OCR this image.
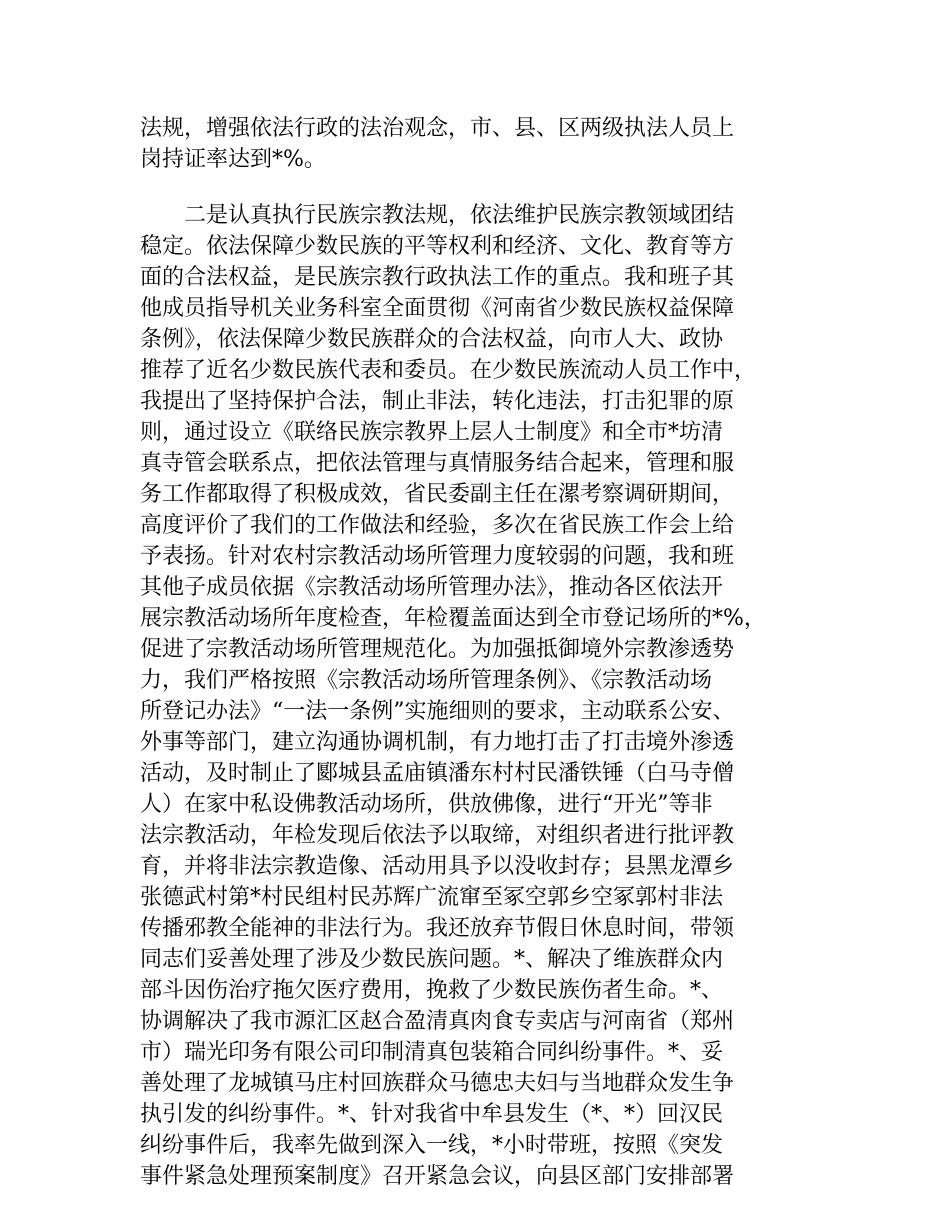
法规，增强依法行政的法治观念，市、县、区两级执法人员上
岗持证率达到*%。
　　二是认真执行民族宗教法规，依法维护民族宗教领域团结
稳定。依法保障少数民族的平等权利和经济、文化、教育等方
面的合法权益，是民族宗教行政执法工作的重点。我和班子其
他成员指导机关业务科室全面贯彻《河南省少数民族权益保障
条例》，依法保障少数民族群众的合法权益，向市人大、政协
推荐了近名少数民族代表和委员。在少数民族流动人员工作中，
我提出了坚持保护合法，制止非法，转化违法，打击犯罪的原
则，通过设立《联络民族宗教界上层人士制度》和全市*坊清
真寺管会联系点，把依法管理与真情服务结合起来，管理和服
务工作都取得了积极成效，省民委副主任在漯考察调研期间，
高度评价了我们的工作做法和经验，多次在省民族工作会上给
予表扬。针对农村宗教活动场所管理力度较弱的问题，我和班
其他子成员依据《宗教活动场所管理办法》，推动各区依法开
展宗教活动场所年度检查，年检覆盖面达到全市登记场所的*%，
促进了宗教活动场所管理规范化。为加强抵御境外宗教渗透势
力，我们严格按照《宗教活动场所管理条例》、《宗教活动场
所登记办法》“一法一条例”实施细则的要求，主动联系公安、
外事等部门，建立沟通协调机制，有力地打击了打击境外渗透
活动，及时制止了郾城县孟庙镇潘东村村民潘铁锤（白马寺僧
人）在家中私设佛教活动场所，供放佛像，进行“开光”等非
法宗教活动，年检发现后依法予以取缔，对组织者进行批评教
育，并将非法宗教造像、活动用具予以没收封存；县黑龙潭乡
张德武村第*村民组村民苏辉广流窜至冢空郭乡空冢郭村非法
传播邪教全能神的非法行为。我还放弃节假日休息时间，带领
同志们妥善处理了涉及少数民族问题。*、解决了维族群众内
部斗因伤治疗拖欠医疗费用，挽救了少数民族伤者生命。*、
协调解决了我市源汇区赵合盈清真肉食专卖店与河南省（郑州
市）瑞光印务有限公司印制清真包装箱合同纠纷事件。*、妥
善处理了龙城镇马庄村回族群众马德忠夫妇与当地群众发生争
执引发的纠纷事件。*、针对我省中牟县发生（*、*）回汉民
纠纷事件后，我率先做到深入一线，*小时带班，按照《突发
事件紧急处理预案制度》召开紧急会议，向县区部门安排部署
